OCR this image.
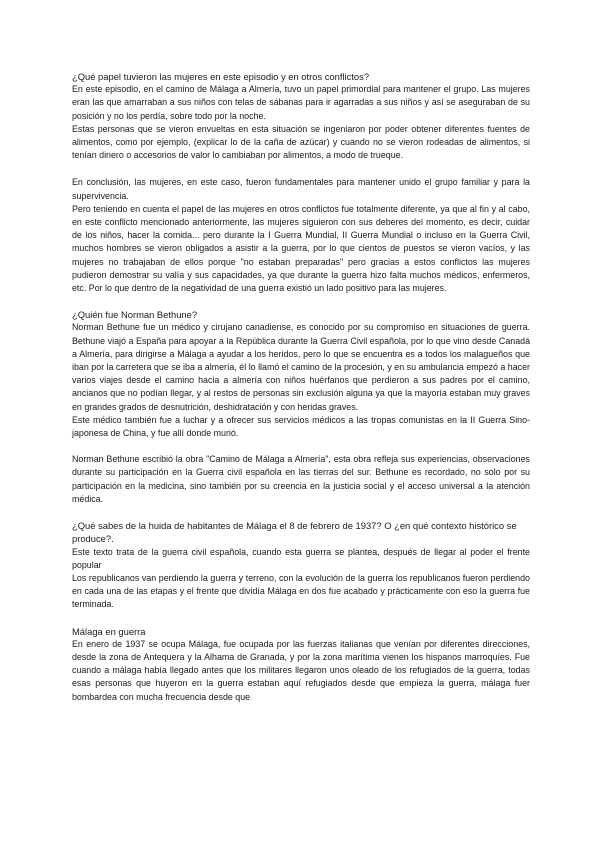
¿Qué papel tuvieron las mujeres en este episodio y en otros conflictos?

En este episodio, en el camino de Málaga a Almería, tuvo un papel primordial para mantener el grupo. Las mujeres eran las que amarraban a sus niños con telas de sábanas para ir agarradas a sus niños y así se aseguraban de su posición y no los perdía, sobre todo por la noche.

Estas personas que se vieron envueltas en esta situación se ingeniaron por poder obtener diferentes fuentes de alimentos, como por ejemplo, (explicar lo de la caña de azúcar) y cuando no se vieron rodeadas de alimentos, si tenían dinero o accesorios de valor lo cambiaban por alimentos, a modo de trueque.

En conclusión, las mujeres, en este caso, fueron fundamentales para mantener unido el grupo familiar y para la supervivencia.

Pero teniendo en cuenta el papel de las mujeres en otros conflictos fue totalmente diferente, ya que al fin y al cabo, en este conflicto mencionado anteriormente, las mujeres siguieron con sus deberes del momento, es decir, cuidar de los niños, hacer la comida... pero durante la I Guerra Mundial, II Guerra Mundial o incluso en la Guerra Civil, muchos hombres se vieron obligados a asistir a la guerra, por lo que cientos de puestos se vieron vacíos, y las mujeres no trabajaban de ellos porque "no estaban preparadas" pero gracias a estos conflictos las mujeres pudieron demostrar su valía y sus capacidades, ya que durante la guerra hizo falta muchos médicos, enfermeros, etc. Por lo que dentro de la negatividad de una guerra existió un lado positivo para las mujeres.

¿Quién fue Norman Bethune?

Norman Bethune fue un médico y cirujano canadiense, es conocido por su compromiso en situaciones de guerra. Bethune viajó a España para apoyar a la República durante la Guerra Civil española, por lo que vino desde Canadá a Almería, para dirigirse a Málaga a ayudar a los heridos, pero lo que se encuentra es a todos los malagueños que iban por la carretera que se iba a almería, él lo llamó el camino de la procesión, y en su ambulancia empezó a hacer varios viajes desde el camino hacia a almería con niños huérfanos que perdieron a sus padres por el camino, ancianos que no podían llegar, y al restos de personas sin exclusión alguna ya que la mayoría estaban muy graves en grandes grados de desnutrición, deshidratación y con heridas graves.

Este médico también fue a luchar y a ofrecer sus servicios médicos a las tropas comunistas en la II Guerra Sino-japonesa de China, y fue allí donde murió.

Norman Bethune escribió la obra "Camino de Málaga a Almería", esta obra refleja sus experiencias, observaciones durante su participación en la Guerra civil española en las tierras del sur. Bethune es recordado, no solo por su participación en la medicina, sino también por su creencia en la justicia social y el acceso universal a la atención médica.

¿Qué sabes de la huida de habitantes de Málaga el 8 de febrero de 1937? O ¿en qué contexto histórico se produce?.

Este texto trata de la guerra civil española, cuando esta guerra se plantea, después de llegar al poder el frente popular

Los republicanos van perdiendo la guerra y terreno, con la evolución de la guerra los republicanos fueron perdiendo en cada una de las etapas y el frente que dividía Málaga en dos fue acabado y prácticamente con eso la guerra fue terminada.

Málaga en guerra

En enero de 1937 se ocupa Málaga, fue ocupada por las fuerzas italianas que venían por diferentes direcciones, desde la zona de Antequera y la Alhama de Granada, y por la zona marítima vienen los hispanos marroquíes. Fue cuando a málaga había llegado antes que los militares llegaron unos oleado de los refugiados de la guerra, todas esas personas que huyeron en la guerra estaban aquí refugiados desde que empieza la guerra, málaga fuer bombardea con mucha frecuencia desde que
